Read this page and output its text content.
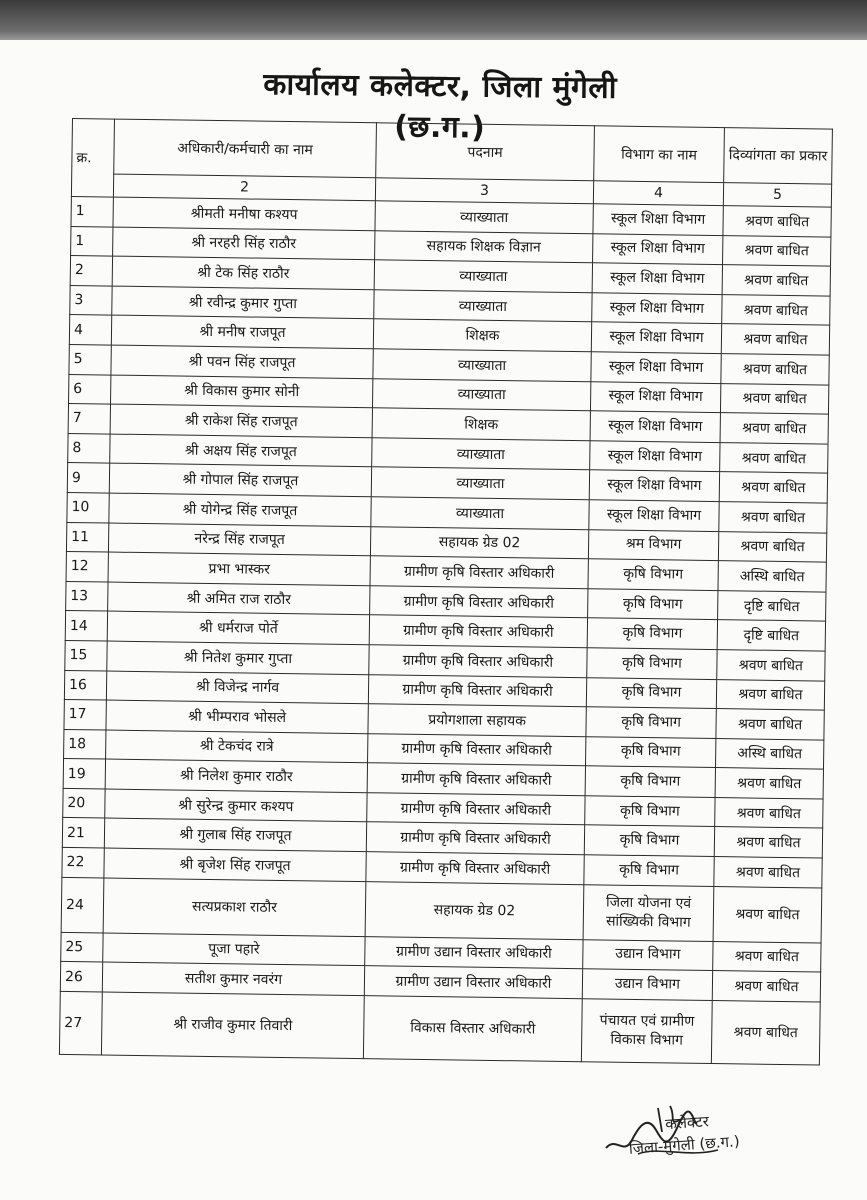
कार्यालय कलेक्टर, जिला मुंगेली (छ.ग.)
क्र.	अधिकारी/कर्मचारी का नाम	पदनाम	विभाग का नाम	दिव्यांगता का प्रकार
	2	3	4	5
1	श्रीमती मनीषा कश्यप	व्याख्याता	स्कूल शिक्षा विभाग	श्रवण बाधित
1	श्री नरहरी सिंह राठौर	सहायक शिक्षक विज्ञान	स्कूल शिक्षा विभाग	श्रवण बाधित
2	श्री टेक सिंह राठौर	व्याख्याता	स्कूल शिक्षा विभाग	श्रवण बाधित
3	श्री रवीन्द्र कुमार गुप्ता	व्याख्याता	स्कूल शिक्षा विभाग	श्रवण बाधित
4	श्री मनीष राजपूत	शिक्षक	स्कूल शिक्षा विभाग	श्रवण बाधित
5	श्री पवन सिंह राजपूत	व्याख्याता	स्कूल शिक्षा विभाग	श्रवण बाधित
6	श्री विकास कुमार सोनी	व्याख्याता	स्कूल शिक्षा विभाग	श्रवण बाधित
7	श्री राकेश सिंह राजपूत	शिक्षक	स्कूल शिक्षा विभाग	श्रवण बाधित
8	श्री अक्षय सिंह राजपूत	व्याख्याता	स्कूल शिक्षा विभाग	श्रवण बाधित
9	श्री गोपाल सिंह राजपूत	व्याख्याता	स्कूल शिक्षा विभाग	श्रवण बाधित
10	श्री योगेन्द्र सिंह राजपूत	व्याख्याता	स्कूल शिक्षा विभाग	श्रवण बाधित
11	नरेन्द्र सिंह राजपूत	सहायक ग्रेड 02	श्रम विभाग	श्रवण बाधित
12	प्रभा भास्कर	ग्रामीण कृषि विस्तार अधिकारी	कृषि विभाग	अस्थि बाधित
13	श्री अमित राज राठौर	ग्रामीण कृषि विस्तार अधिकारी	कृषि विभाग	दृष्टि बाधित
14	श्री धर्मराज पोर्ते	ग्रामीण कृषि विस्तार अधिकारी	कृषि विभाग	दृष्टि बाधित
15	श्री नितेश कुमार गुप्ता	ग्रामीण कृषि विस्तार अधिकारी	कृषि विभाग	श्रवण बाधित
16	श्री विजेन्द्र नार्गव	ग्रामीण कृषि विस्तार अधिकारी	कृषि विभाग	श्रवण बाधित
17	श्री भीम्पराव भोसले	प्रयोगशाला सहायक	कृषि विभाग	श्रवण बाधित
18	श्री टेकचंद रात्रे	ग्रामीण कृषि विस्तार अधिकारी	कृषि विभाग	अस्थि बाधित
19	श्री निलेश कुमार राठौर	ग्रामीण कृषि विस्तार अधिकारी	कृषि विभाग	श्रवण बाधित
20	श्री सुरेन्द्र कुमार कश्यप	ग्रामीण कृषि विस्तार अधिकारी	कृषि विभाग	श्रवण बाधित
21	श्री गुलाब सिंह राजपूत	ग्रामीण कृषि विस्तार अधिकारी	कृषि विभाग	श्रवण बाधित
22	श्री बृजेश सिंह राजपूत	ग्रामीण कृषि विस्तार अधिकारी	कृषि विभाग	श्रवण बाधित
24	सत्यप्रकाश राठौर	सहायक ग्रेड 02	जिला योजना एवं सांख्यिकी विभाग	श्रवण बाधित
25	पूजा पहारे	ग्रामीण उद्यान विस्तार अधिकारी	उद्यान विभाग	श्रवण बाधित
26	सतीश कुमार नवरंग	ग्रामीण उद्यान विस्तार अधिकारी	उद्यान विभाग	श्रवण बाधित
27	श्री राजीव कुमार तिवारी	विकास विस्तार अधिकारी	पंचायत एवं ग्रामीण विकास विभाग	श्रवण बाधित
कलेक्टर
जिला-मुंगेली (छ.ग.)
